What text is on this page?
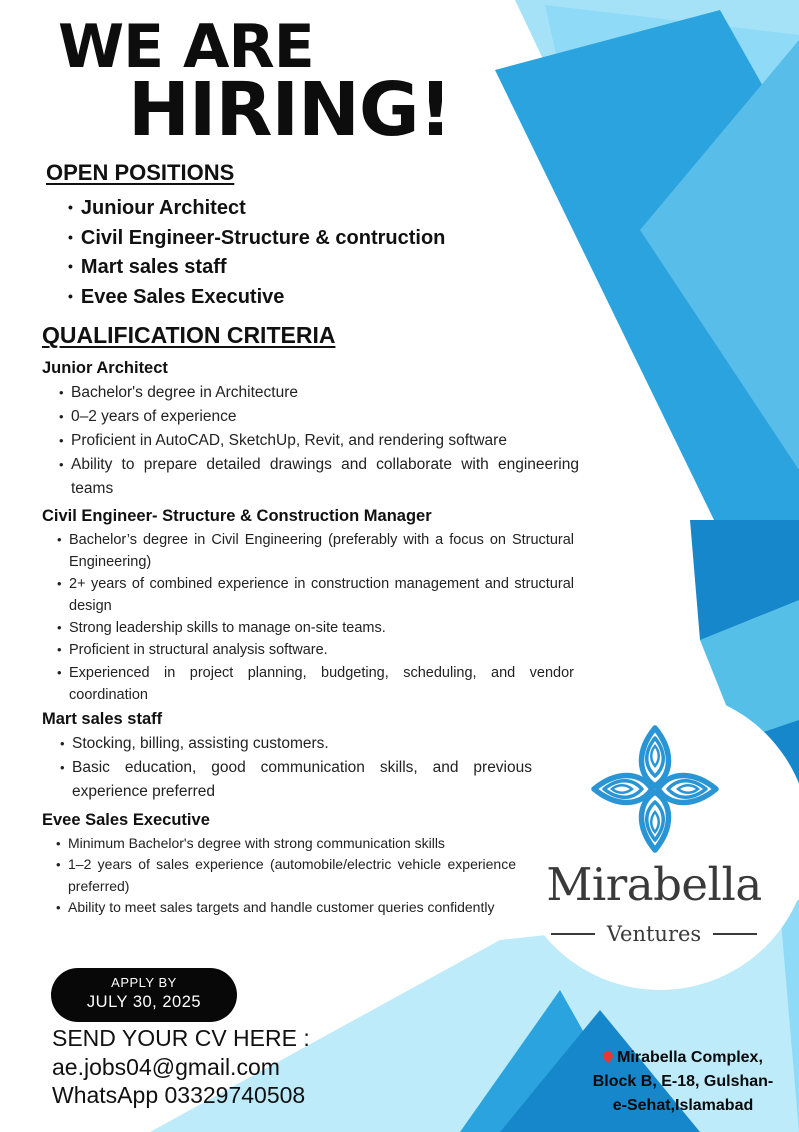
WE ARE
HIRING!
OPEN POSITIONS
• Juniour Architect
• Civil Engineer-Structure & contruction
• Mart sales staff
• Evee Sales Executive
QUALIFICATION CRITERIA
Junior Architect
• Bachelor's degree in Architecture
• 0–2 years of experience
• Proficient in AutoCAD, SketchUp, Revit, and rendering software
• Ability to prepare detailed drawings and collaborate with engineering teams
Civil Engineer- Structure & Construction Manager
• Bachelor’s degree in Civil Engineering (preferably with a focus on Structural Engineering)
• 2+ years of combined experience in construction management and structural design
• Strong leadership skills to manage on-site teams.
• Proficient in structural analysis software.
• Experienced in project planning, budgeting, scheduling, and vendor coordination
Mart sales staff
• Stocking, billing, assisting customers.
• Basic education, good communication skills, and previous experience preferred
Evee Sales Executive
• Minimum Bachelor's degree with strong communication skills
• 1–2 years of sales experience (automobile/electric vehicle experience preferred)
• Ability to meet sales targets and handle customer queries confidently
APPLY BY
JULY 30, 2025
SEND YOUR CV HERE :
ae.jobs04@gmail.com
WhatsApp 03329740508
Mirabella
Ventures
Mirabella Complex,
Block B, E-18, Gulshan-
e-Sehat,Islamabad
